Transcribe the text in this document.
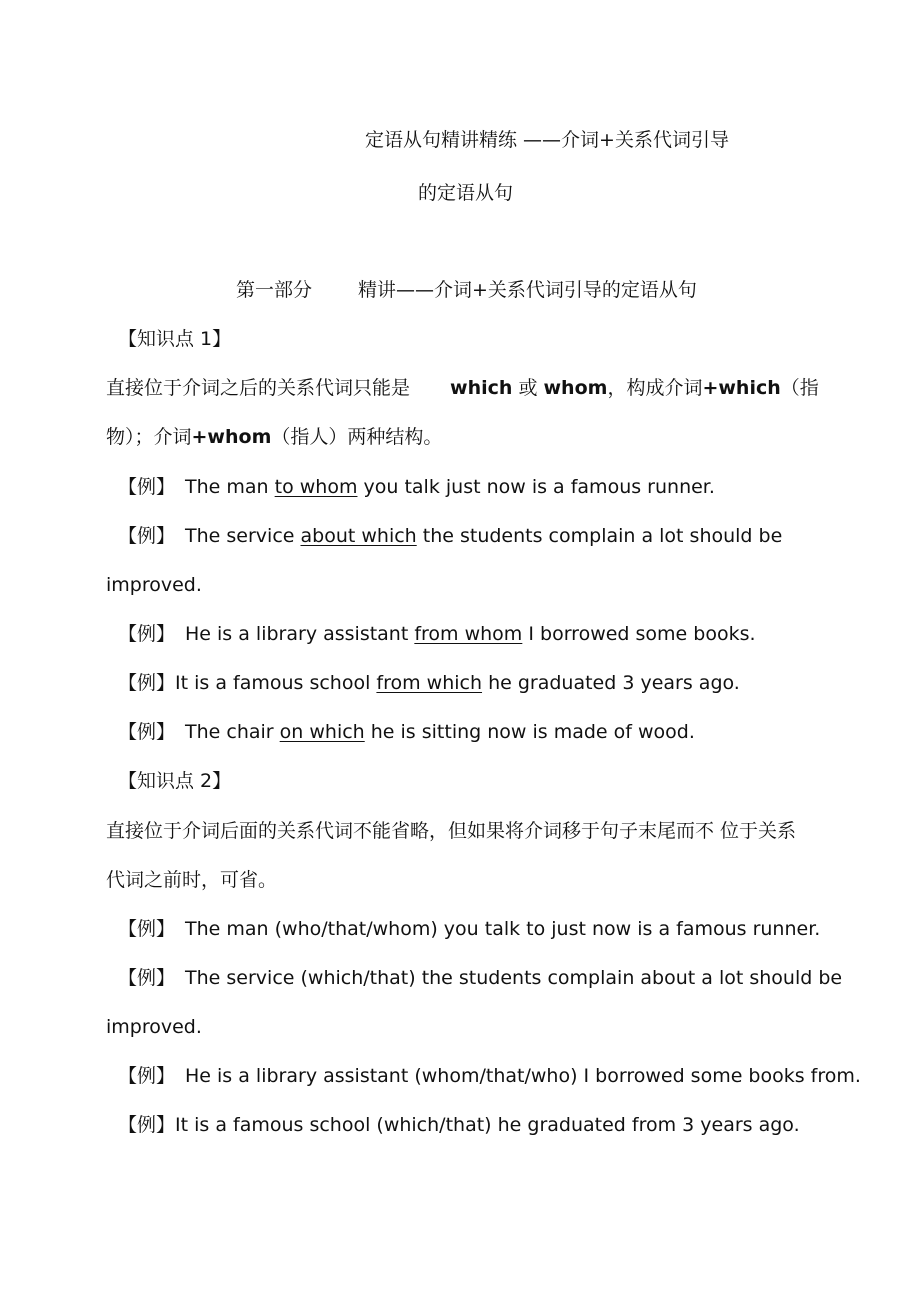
定语从句精讲精练 ——介词+关系代词引导
的定语从句
第一部分 精讲——介词+关系代词引导的定语从句
【知识点 1】
直接位于介词之后的关系代词只能是 which 或 whom，构成介词+which（指
物）；介词+whom（指人）两种结构。
【例】 The man to whom you talk just now is a famous runner.
【例】 The service about which the students complain a lot should be
improved.
【例】 He is a library assistant from whom I borrowed some books.
【例】It is a famous school from which he graduated 3 years ago.
【例】 The chair on which he is sitting now is made of wood.
【知识点 2】
直接位于介词后面的关系代词不能省略，但如果将介词移于句子末尾而不 位于关系
代词之前时，可省。
【例】 The man (who/that/whom) you talk to just now is a famous runner.
【例】 The service (which/that) the students complain about a lot should be
improved.
【例】 He is a library assistant (whom/that/who) I borrowed some books from.
【例】It is a famous school (which/that) he graduated from 3 years ago.
